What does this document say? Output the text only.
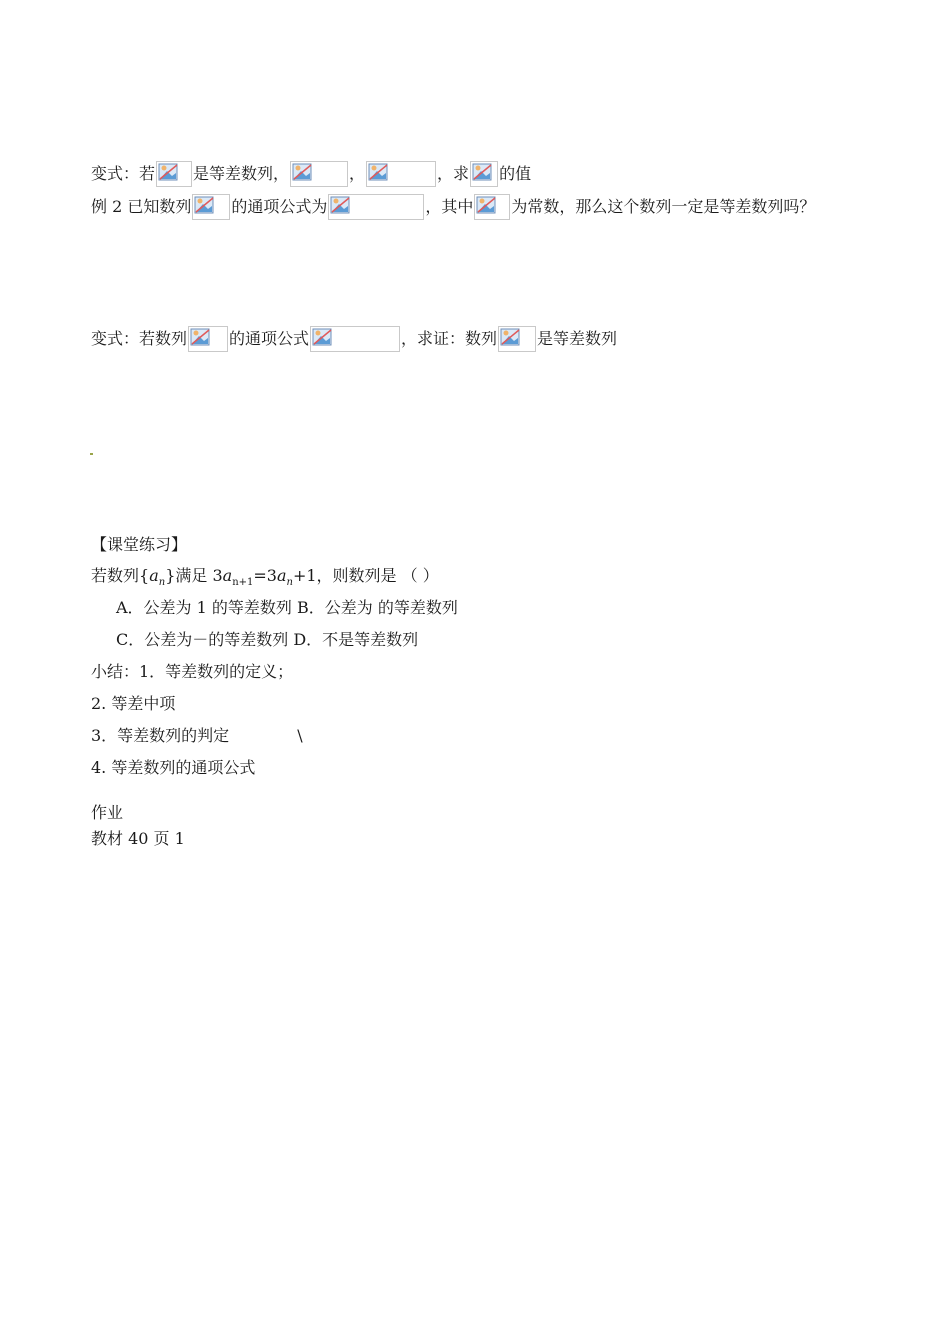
变式：若 是等差数列，	，	，求 的值
例 2 已知数列	的通项公式为	，其中 为常数，那么这个数列一定是等差数列吗？
变式：若数列	的通项公式	，求证：数列	是等差数列
【课堂练习】
若数列$\{a_n\}$满足 $3a_{n+1}=3a_n+1$，则数列是 （ ）
A．公差为 1 的等差数列 B．公差为 的等差数列
C．公差为－的等差数列 D．不是等差数列
小结：1．等差数列的定义；
2. 等差中项
3．等差数列的判定	\
4. 等差数列的通项公式
作业
教材 40 页 1
